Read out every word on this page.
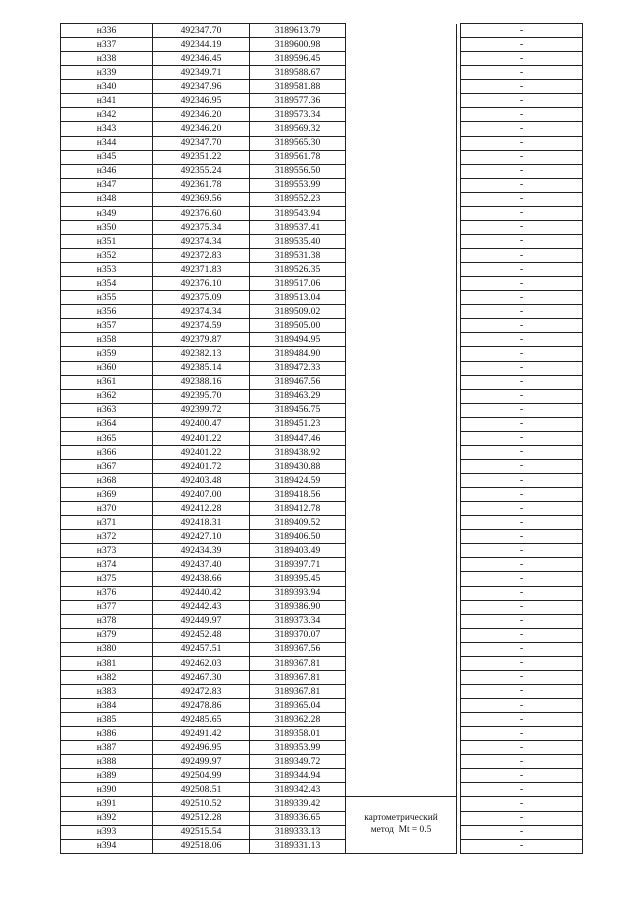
н336	492347.70	3189613.79			-
н337	492344.19	3189600.98			-
н338	492346.45	3189596.45			-
н339	492349.71	3189588.67			-
н340	492347.96	3189581.88			-
н341	492346.95	3189577.36			-
н342	492346.20	3189573.34			-
н343	492346.20	3189569.32			-
н344	492347.70	3189565.30			-
н345	492351.22	3189561.78			-
н346	492355.24	3189556.50			-
н347	492361.78	3189553.99			-
н348	492369.56	3189552.23			-
н349	492376.60	3189543.94			-
н350	492375.34	3189537.41			-
н351	492374.34	3189535.40			-
н352	492372.83	3189531.38			-
н353	492371.83	3189526.35			-
н354	492376.10	3189517.06			-
н355	492375.09	3189513.04			-
н356	492374.34	3189509.02			-
н357	492374.59	3189505.00			-
н358	492379.87	3189494.95			-
н359	492382.13	3189484.90			-
н360	492385.14	3189472.33			-
н361	492388.16	3189467.56			-
н362	492395.70	3189463.29			-
н363	492399.72	3189456.75			-
н364	492400.47	3189451.23			-
н365	492401.22	3189447.46			-
н366	492401.22	3189438.92			-
н367	492401.72	3189430.88			-
н368	492403.48	3189424.59			-
н369	492407.00	3189418.56			-
н370	492412.28	3189412.78			-
н371	492418.31	3189409.52			-
н372	492427.10	3189406.50			-
н373	492434.39	3189403.49			-
н374	492437.40	3189397.71			-
н375	492438.66	3189395.45			-
н376	492440.42	3189393.94			-
н377	492442.43	3189386.90			-
н378	492449.97	3189373.34			-
н379	492452.48	3189370.07			-
н380	492457.51	3189367.56			-
н381	492462.03	3189367.81			-
н382	492467.30	3189367.81			-
н383	492472.83	3189367.81			-
н384	492478.86	3189365.04			-
н385	492485.65	3189362.28			-
н386	492491.42	3189358.01			-
н387	492496.95	3189353.99			-
н388	492499.97	3189349.72			-
н389	492504.99	3189344.94			-
н390	492508.51	3189342.43			-
н391	492510.52	3189339.42	картометрический
метод  Mt = 0.5		-
н392	492512.28	3189336.65			-
н393	492515.54	3189333.13			-
н394	492518.06	3189331.13			-
